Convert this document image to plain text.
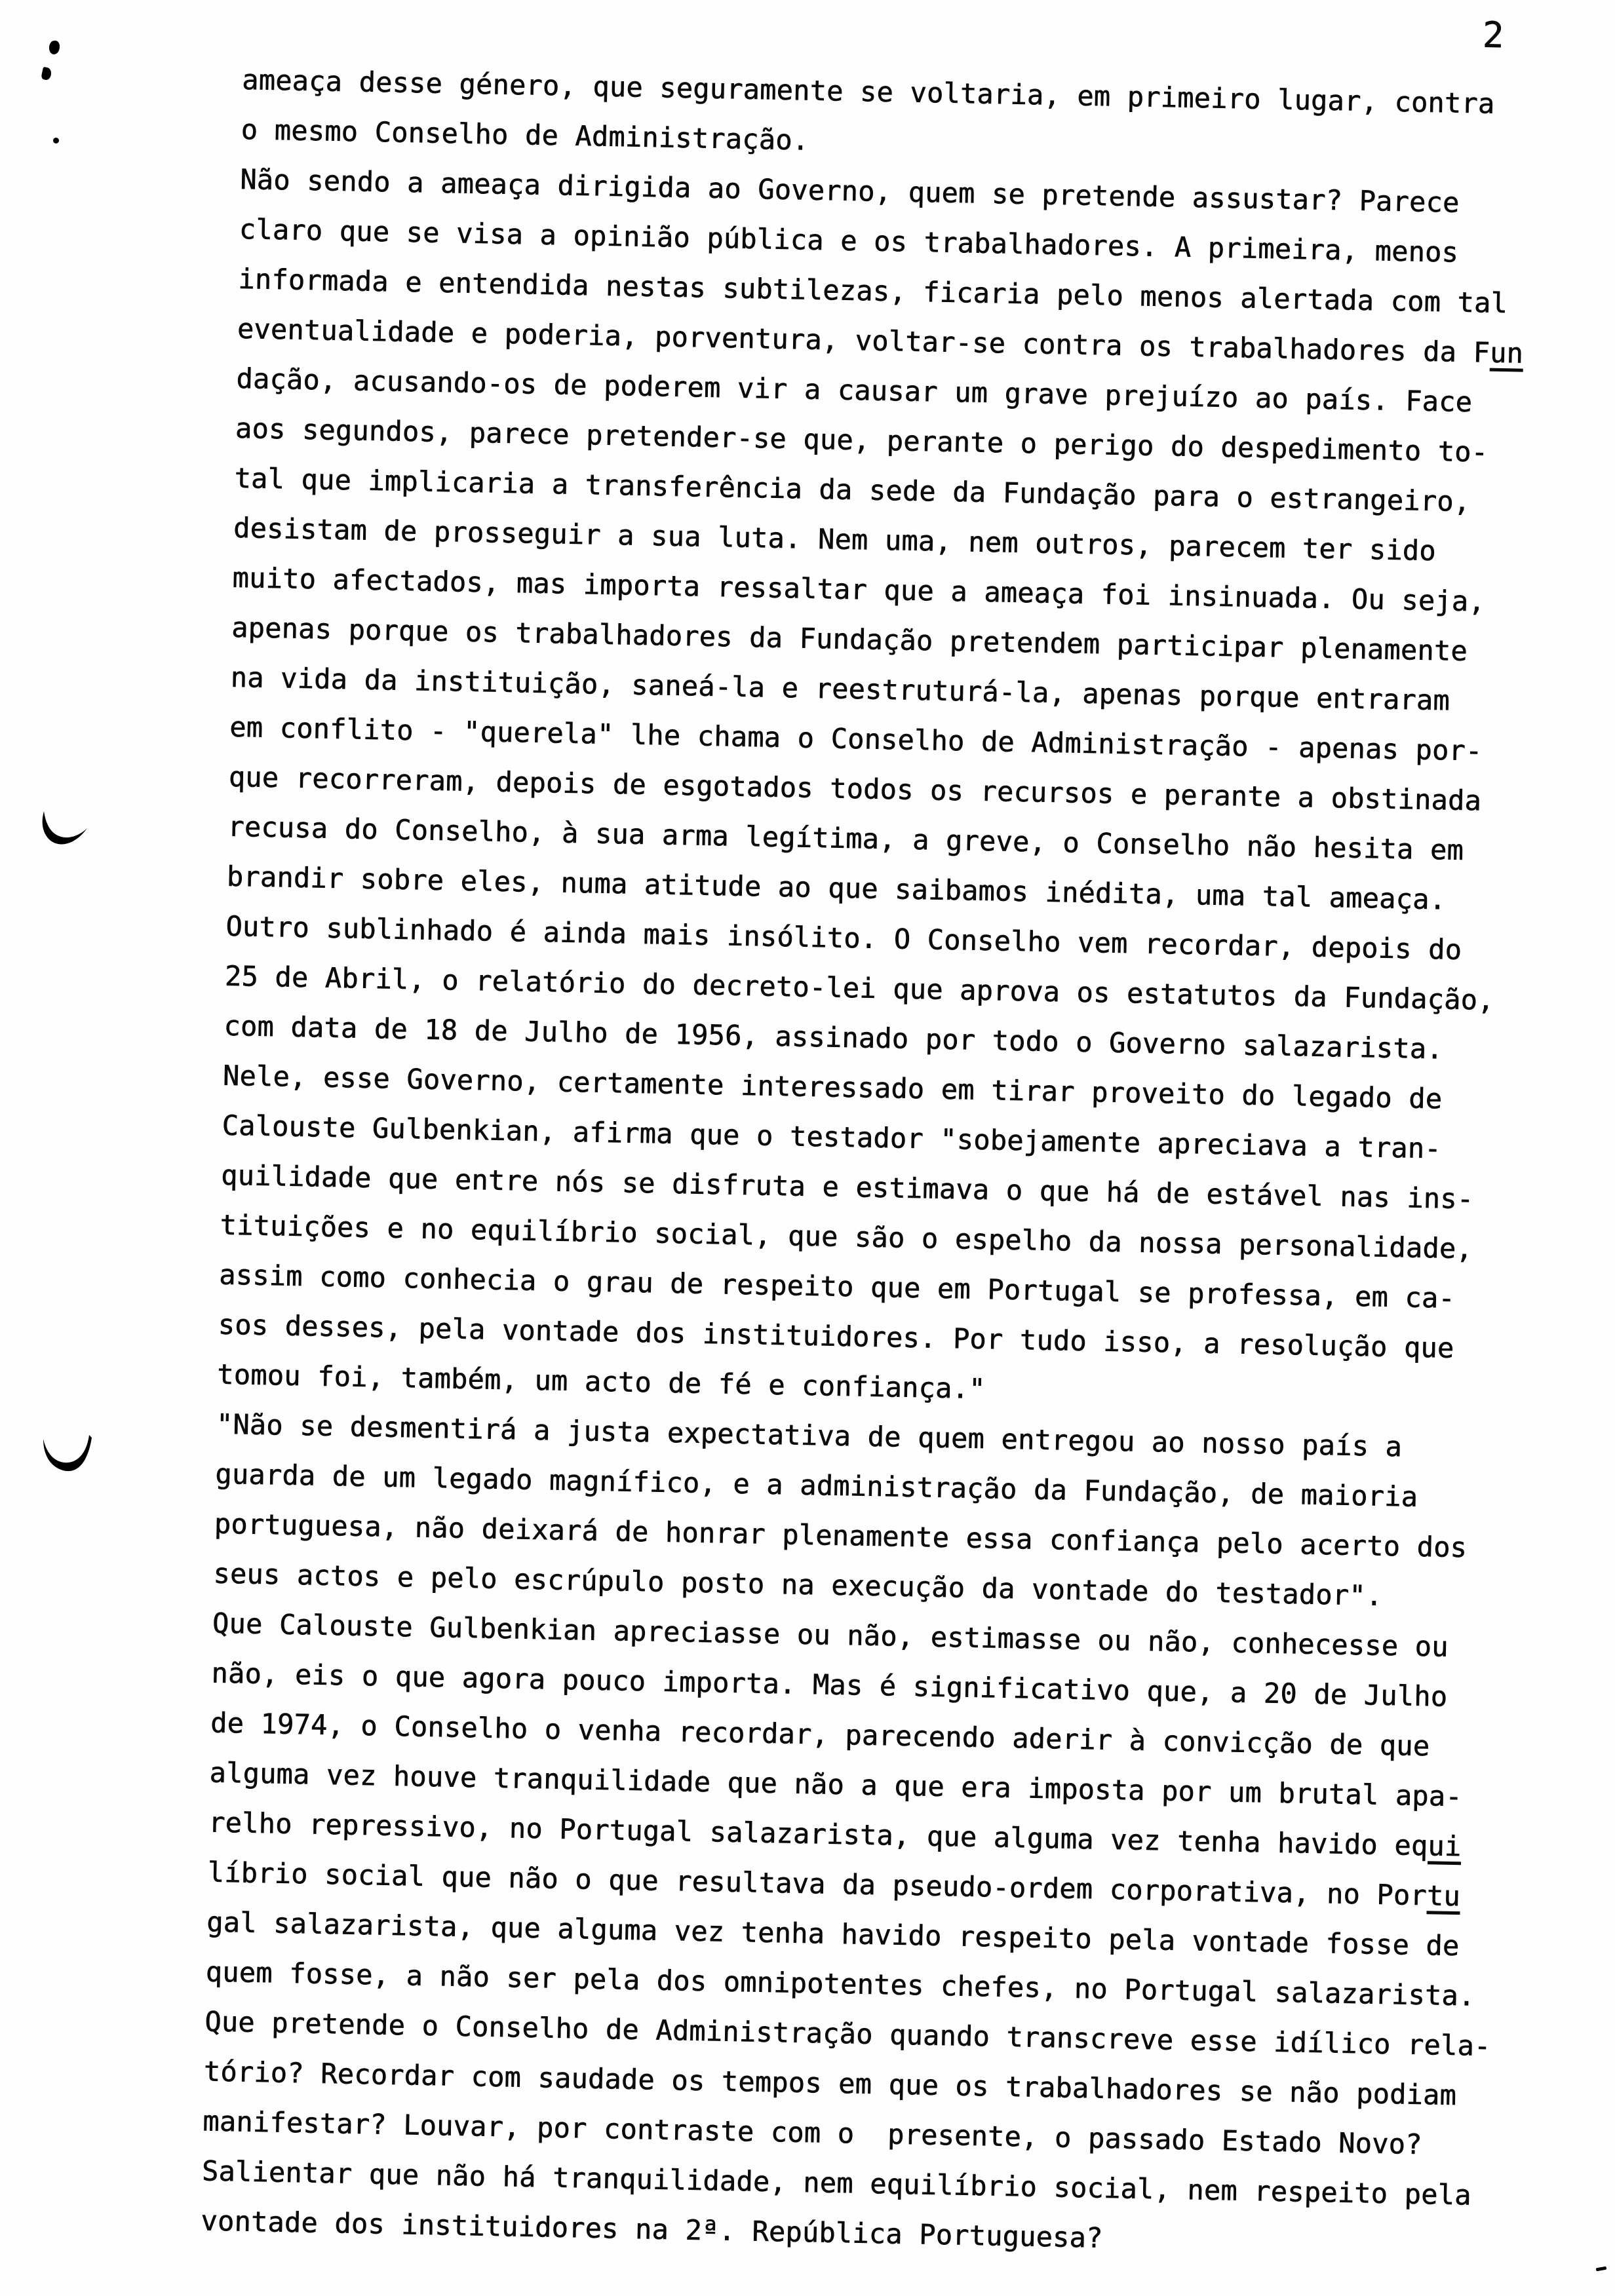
2
ameaça desse género, que seguramente se voltaria, em primeiro lugar, contra
o mesmo Conselho de Administração.
Não sendo a ameaça dirigida ao Governo, quem se pretende assustar? Parece
claro que se visa a opinião pública e os trabalhadores. A primeira, menos
informada e entendida nestas subtilezas, ficaria pelo menos alertada com tal
eventualidade e poderia, porventura, voltar-se contra os trabalhadores da Fun
dação, acusando-os de poderem vir a causar um grave prejuízo ao país. Face
aos segundos, parece pretender-se que, perante o perigo do despedimento to-
tal que implicaria a transferência da sede da Fundação para o estrangeiro,
desistam de prosseguir a sua luta. Nem uma, nem outros, parecem ter sido
muito afectados, mas importa ressaltar que a ameaça foi insinuada. Ou seja,
apenas porque os trabalhadores da Fundação pretendem participar plenamente
na vida da instituição, saneá-la e reestruturá-la, apenas porque entraram
em conflito - "querela" lhe chama o Conselho de Administração - apenas por-
que recorreram, depois de esgotados todos os recursos e perante a obstinada
recusa do Conselho, à sua arma legítima, a greve, o Conselho não hesita em
brandir sobre eles, numa atitude ao que saibamos inédita, uma tal ameaça.
Outro sublinhado é ainda mais insólito. O Conselho vem recordar, depois do
25 de Abril, o relatório do decreto-lei que aprova os estatutos da Fundação,
com data de 18 de Julho de 1956, assinado por todo o Governo salazarista.
Nele, esse Governo, certamente interessado em tirar proveito do legado de
Calouste Gulbenkian, afirma que o testador "sobejamente apreciava a tran-
quilidade que entre nós se disfruta e estimava o que há de estável nas ins-
tituições e no equilíbrio social, que são o espelho da nossa personalidade,
assim como conhecia o grau de respeito que em Portugal se professa, em ca-
sos desses, pela vontade dos instituidores. Por tudo isso, a resolução que
tomou foi, também, um acto de fé e confiança."
"Não se desmentirá a justa expectativa de quem entregou ao nosso país a
guarda de um legado magnífico, e a administração da Fundação, de maioria
portuguesa, não deixará de honrar plenamente essa confiança pelo acerto dos
seus actos e pelo escrúpulo posto na execução da vontade do testador".
Que Calouste Gulbenkian apreciasse ou não, estimasse ou não, conhecesse ou
não, eis o que agora pouco importa. Mas é significativo que, a 20 de Julho
de 1974, o Conselho o venha recordar, parecendo aderir à convicção de que
alguma vez houve tranquilidade que não a que era imposta por um brutal apa-
relho repressivo, no Portugal salazarista, que alguma vez tenha havido equi
líbrio social que não o que resultava da pseudo-ordem corporativa, no Portu
gal salazarista, que alguma vez tenha havido respeito pela vontade fosse de
quem fosse, a não ser pela dos omnipotentes chefes, no Portugal salazarista.
Que pretende o Conselho de Administração quando transcreve esse idílico rela-
tório? Recordar com saudade os tempos em que os trabalhadores se não podiam
manifestar? Louvar, por contraste com o  presente, o passado Estado Novo?
Salientar que não há tranquilidade, nem equilíbrio social, nem respeito pela
vontade dos instituidores na 2ª. República Portuguesa?
